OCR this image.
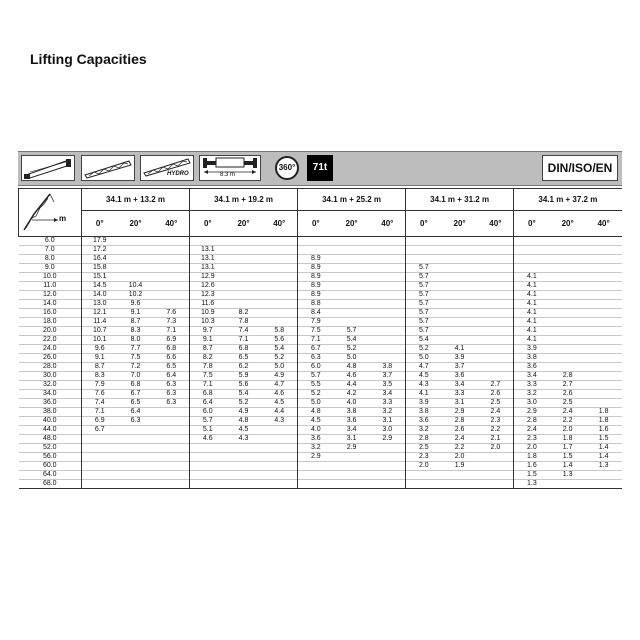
Lifting Capacities
HYDRO	8.3 m
360°	71t	DIN/ISO/EN
m	34.1 m + 13.2 m			34.1 m + 19.2 m			34.1 m + 25.2 m			34.1 m + 31.2 m			34.1 m + 37.2 m		
	0°	20°	40°	0°	20°	40°	0°	20°	40°	0°	20°	40°	0°	20°	40°
6.0	17.9														
7.0	17.2			13.1											
8.0	16.4			13.1			8.9								
9.0	15.8			13.1			8.9			5.7					
10.0	15.1			12.9			8.9			5.7			4.1		
11.0	14.5	10.4		12.6			8.9			5.7			4.1		
12.0	14.0	10.2		12.3			8.9			5.7			4.1		
14.0	13.0	9.6		11.6			8.8			5.7			4.1		
16.0	12.1	9.1	7.6	10.9	8.2		8.4			5.7			4.1		
18.0	11.4	8.7	7.3	10.3	7.8		7.9			5.7			4.1		
20.0	10.7	8.3	7.1	9.7	7.4	5.8	7.5	5.7		5.7			4.1		
22.0	10.1	8.0	6.9	9.1	7.1	5.6	7.1	5.4		5.4			4.1		
24.0	9.6	7.7	6.8	8.7	6.8	5.4	6.7	5.2		5.2	4.1		3.9		
26.0	9.1	7.5	6.6	8.2	6.5	5.2	6.3	5.0		5.0	3.9		3.8		
28.0	8.7	7.2	6.5	7.8	6.2	5.0	6.0	4.8	3.8	4.7	3.7		3.6		
30.0	8.3	7.0	6.4	7.5	5.9	4.9	5.7	4.6	3.7	4.5	3.6		3.4	2.8	
32.0	7.9	6.8	6.3	7.1	5.6	4.7	5.5	4.4	3.5	4.3	3.4	2.7	3.3	2.7	
34.0	7.6	6.7	6.3	6.8	5.4	4.6	5.2	4.2	3.4	4.1	3.3	2.6	3.2	2.6	
36.0	7.4	6.5	6.3	6.4	5.2	4.5	5.0	4.0	3.3	3.9	3.1	2.5	3.0	2.5	
38.0	7.1	6.4		6.0	4.9	4.4	4.8	3.8	3.2	3.8	2.9	2.4	2.9	2.4	1.8
40.0	6.9	6.3		5.7	4.8	4.3	4.5	3.6	3.1	3.6	2.8	2.3	2.8	2.2	1.8
44.0	6.7			5.1	4.5		4.0	3.4	3.0	3.2	2.6	2.2	2.4	2.0	1.6
48.0				4.6	4.3		3.6	3.1	2.9	2.8	2.4	2.1	2.3	1.8	1.5
52.0							3.2	2.9		2.5	2.2	2.0	2.0	1.7	1.4
56.0							2.9			2.3	2.0		1.8	1.5	1.4
60.0										2.0	1.9		1.6	1.4	1.3
64.0													1.5	1.3	
68.0													1.3		
